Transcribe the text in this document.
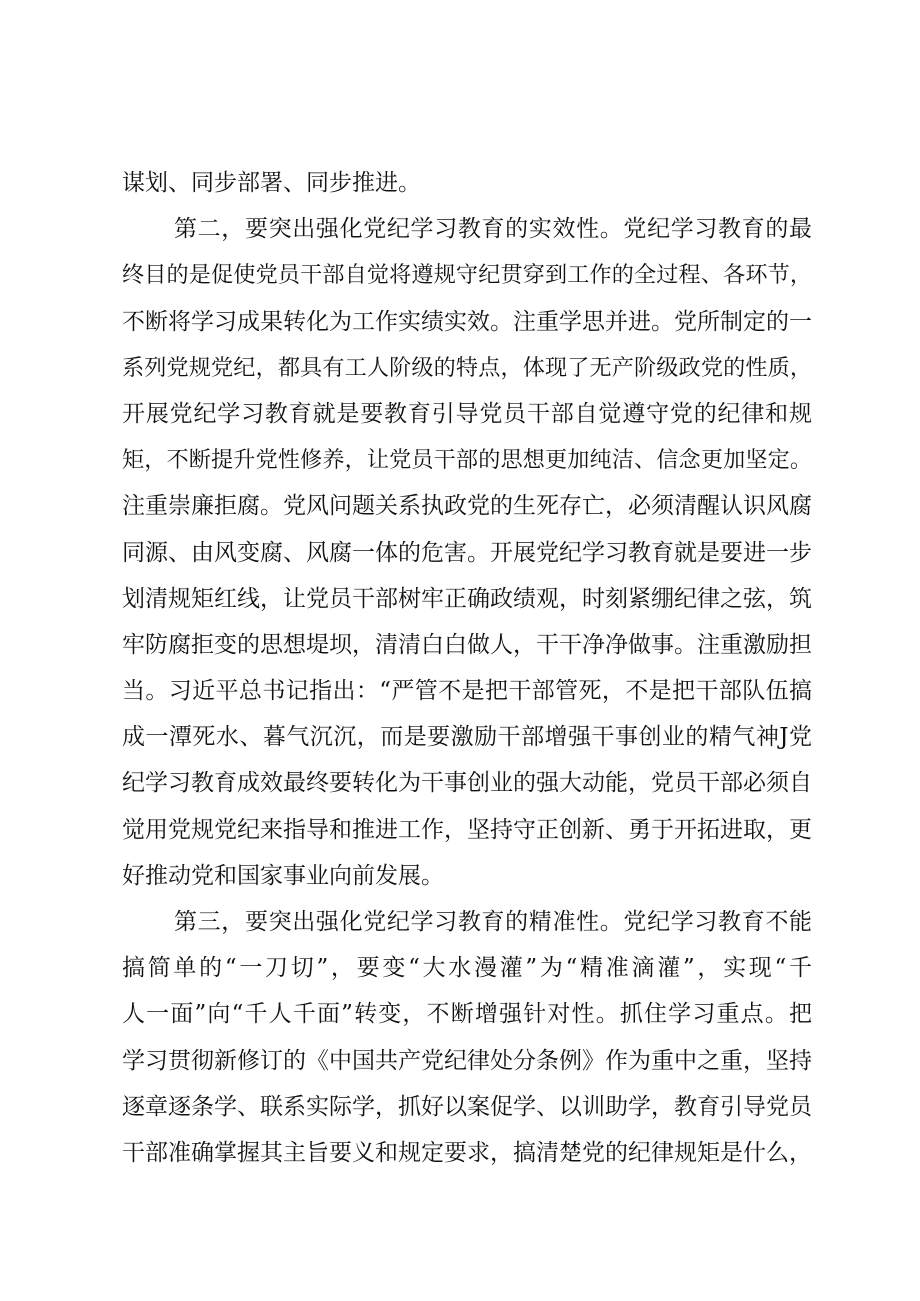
谋划、同步部署、同步推进。
第二，要突出强化党纪学习教育的实效性。党纪学习教育的最
终目的是促使党员干部自觉将遵规守纪贯穿到工作的全过程、各环节，
不断将学习成果转化为工作实绩实效。注重学思并进。党所制定的一
系列党规党纪，都具有工人阶级的特点，体现了无产阶级政党的性质，
开展党纪学习教育就是要教育引导党员干部自觉遵守党的纪律和规
矩，不断提升党性修养，让党员干部的思想更加纯洁、信念更加坚定。
注重崇廉拒腐。党风问题关系执政党的生死存亡，必须清醒认识风腐
同源、由风变腐、风腐一体的危害。开展党纪学习教育就是要进一步
划清规矩红线，让党员干部树牢正确政绩观，时刻紧绷纪律之弦，筑
牢防腐拒变的思想堤坝，清清白白做人，干干净净做事。注重激励担
当。习近平总书记指出：“严管不是把干部管死，不是把干部队伍搞
成一潭死水、暮气沉沉，而是要激励干部增强干事创业的精气神J党
纪学习教育成效最终要转化为干事创业的强大动能，党员干部必须自
觉用党规党纪来指导和推进工作，坚持守正创新、勇于开拓进取，更
好推动党和国家事业向前发展。
第三，要突出强化党纪学习教育的精准性。党纪学习教育不能
搞简单的“一刀切”，要变“大水漫灌”为“精准滴灌”，实现“千
人一面”向“千人千面”转变，不断增强针对性。抓住学习重点。把
学习贯彻新修订的《中国共产党纪律处分条例》作为重中之重，坚持
逐章逐条学、联系实际学，抓好以案促学、以训助学，教育引导党员
干部准确掌握其主旨要义和规定要求，搞清楚党的纪律规矩是什么，
